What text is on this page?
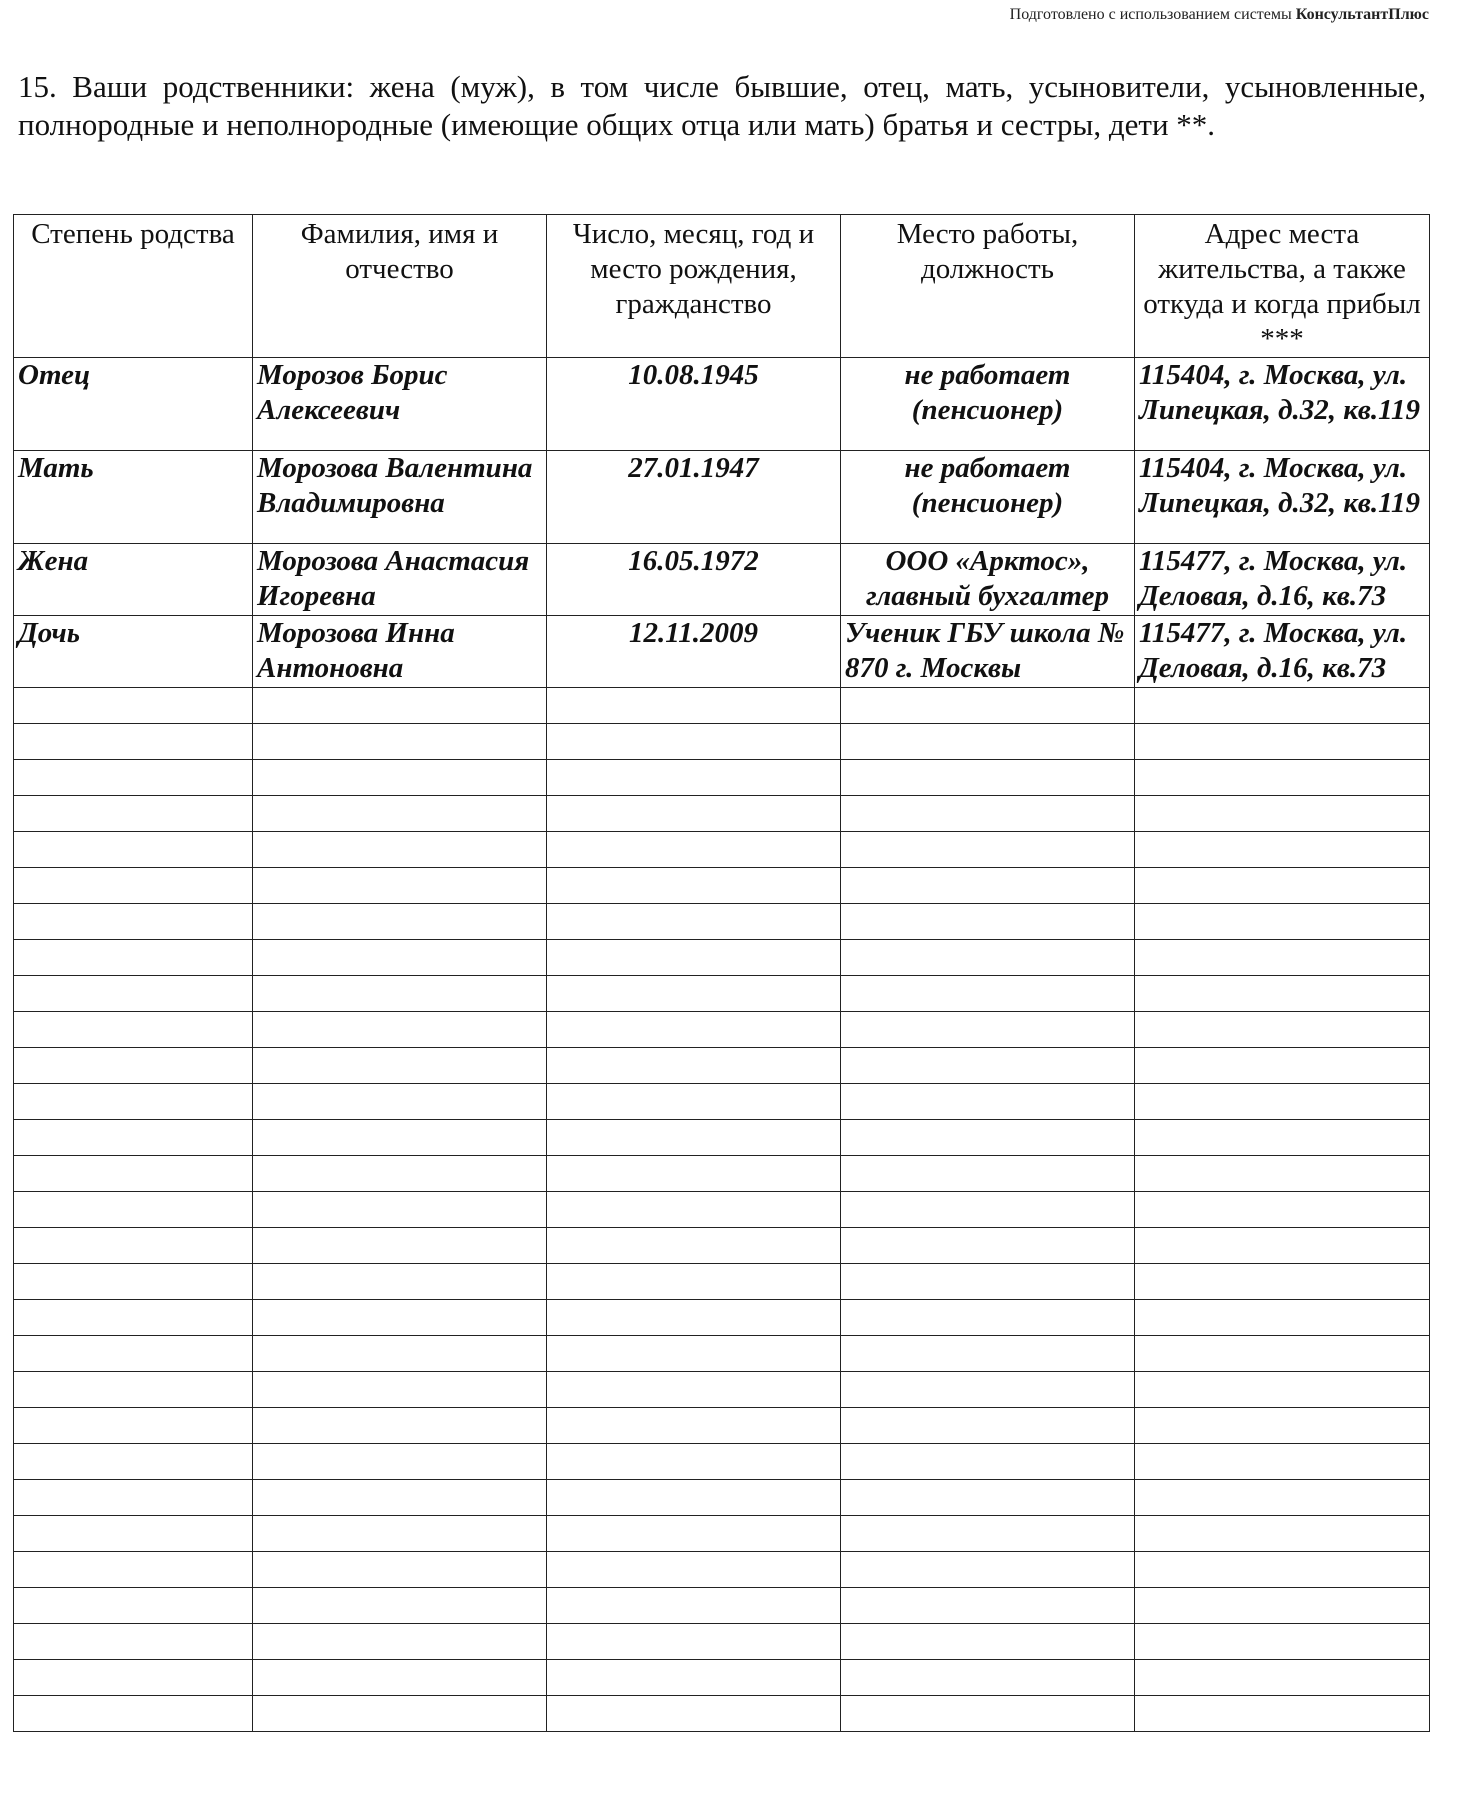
Подготовлено с использованием системы КонсультантПлюс
15. Ваши родственники: жена (муж), в том числе бывшие, отец, мать, усыновители, усыновленные, полнородные и неполнородные (имеющие общих отца или мать) братья и сестры, дети **.
Степень родства	Фамилия, имя и отчество	Число, месяц, год и место рождения, гражданство	Место работы, должность	Адрес места жительства, а также откуда и когда прибыл ***
Отец	Морозов Борис Алексеевич	10.08.1945	не работает (пенсионер)	115404, г. Москва, ул. Липецкая, д.32, кв.119
Мать	Морозова Валентина Владимировна	27.01.1947	не работает (пенсионер)	115404, г. Москва, ул. Липецкая, д.32, кв.119
Жена	Морозова Анастасия Игоревна	16.05.1972	ООО «Арктос», главный бухгалтер	115477, г. Москва, ул. Деловая, д.16, кв.73
Дочь	Морозова Инна Антоновна	12.11.2009	Ученик ГБУ школа № 870 г. Москвы	115477, г. Москва, ул. Деловая, д.16, кв.73
